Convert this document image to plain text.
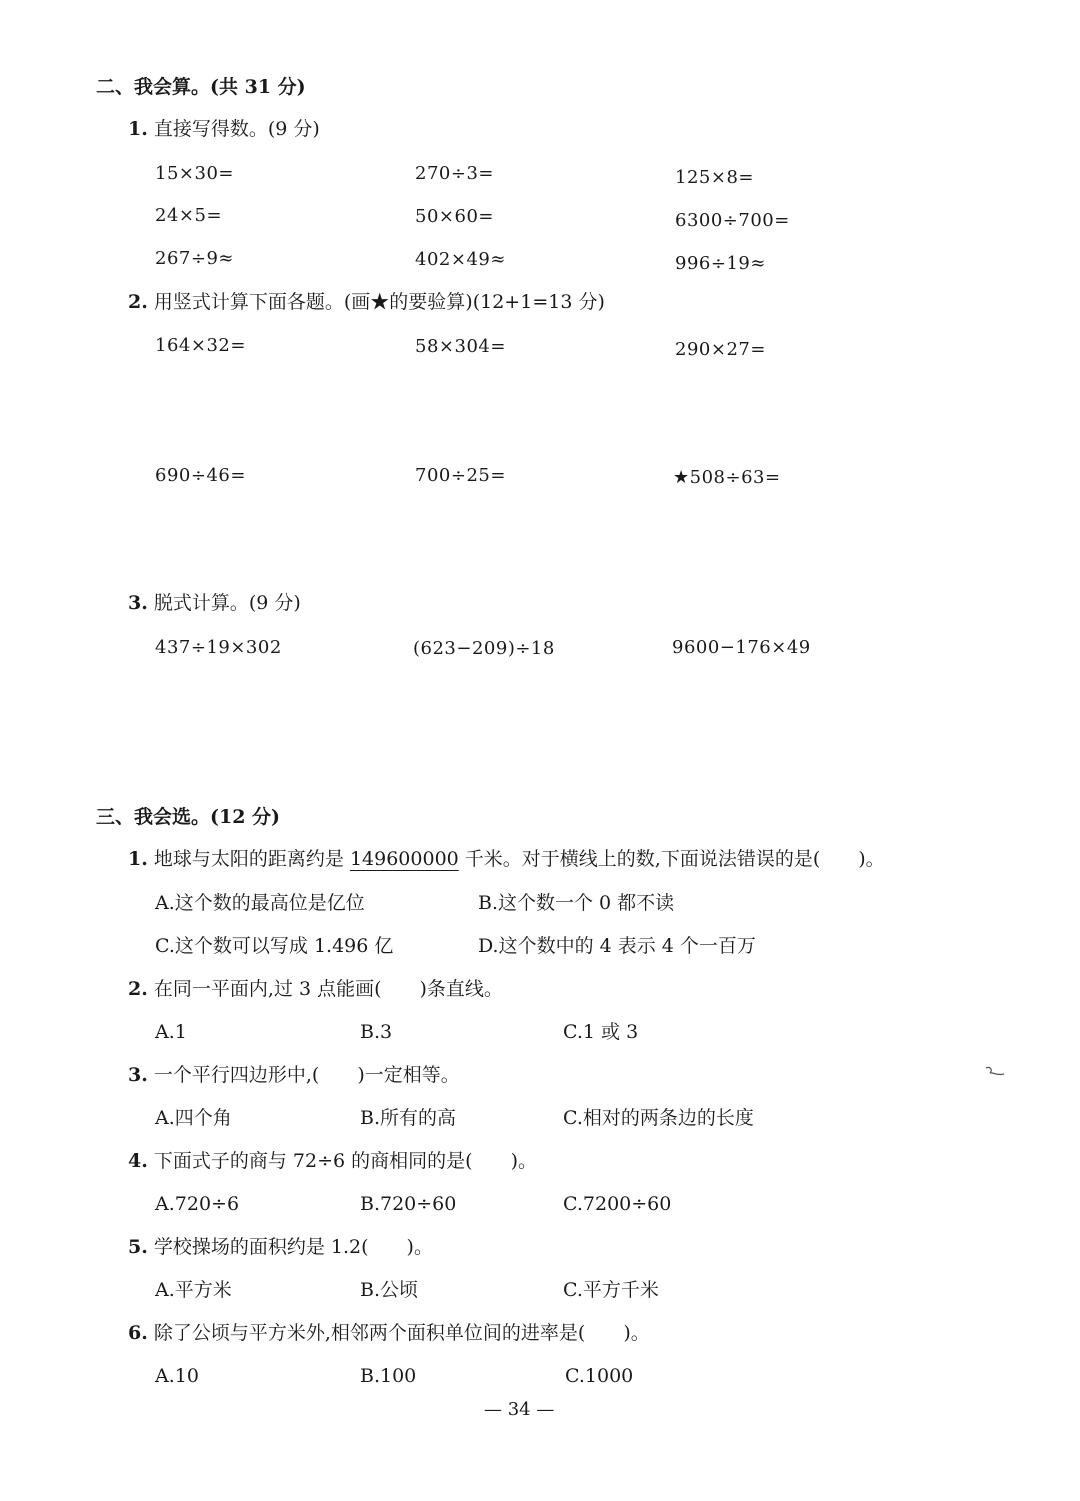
二、我会算。(共 31 分)
1. 直接写得数。(9 分)
15×30=	270÷3=	125×8=
24×5=	50×60=	6300÷700=
267÷9≈	402×49≈	996÷19≈
2. 用竖式计算下面各题。(画★的要验算)(12+1=13 分)
164×32=	58×304=	290×27=
690÷46=	700÷25=	★508÷63=
3. 脱式计算。(9 分)
437÷19×302	(623−209)÷18	9600−176×49
三、我会选。(12 分)
1. 地球与太阳的距离约是 149600000 千米。对于横线上的数,下面说法错误的是(　　)。
A.这个数的最高位是亿位	B.这个数一个 0 都不读
C.这个数可以写成 1.496 亿	D.这个数中的 4 表示 4 个一百万
2. 在同一平面内,过 3 点能画(　　)条直线。
A.1	B.3	C.1 或 3
3. 一个平行四边形中,(　　)一定相等。
A.四个角	B.所有的高	C.相对的两条边的长度
4. 下面式子的商与 72÷6 的商相同的是(　　)。
A.720÷6	B.720÷60	C.7200÷60
5. 学校操场的面积约是 1.2(　　)。
A.平方米	B.公顷	C.平方千米
6. 除了公顷与平方米外,相邻两个面积单位间的进率是(　　)。
A.10	B.100	C.1000
— 34 —
